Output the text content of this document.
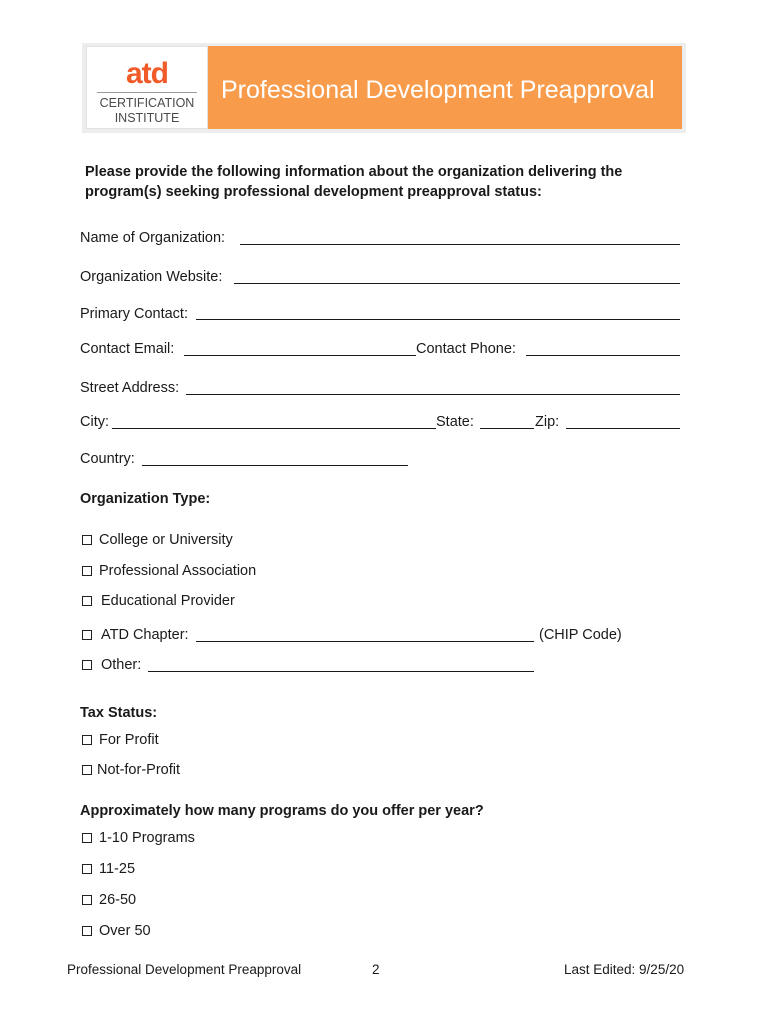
atd
CERTIFICATION
INSTITUTE
Professional Development Preapproval
Please provide the following information about the organization delivering the program(s) seeking professional development preapproval status:
Name of Organization:
Organization Website:
Primary Contact:
Contact Email:	Contact Phone:
Street Address:
City:	State:	Zip:
Country:
Organization Type:
College or University
Professional Association
Educational Provider
ATD Chapter:	(CHIP Code)
Other:
Tax Status:
For Profit
Not-for-Profit
Approximately how many programs do you offer per year?
1-10 Programs
11-25
26-50
Over 50
Professional Development Preapproval	2	Last Edited: 9/25/20
